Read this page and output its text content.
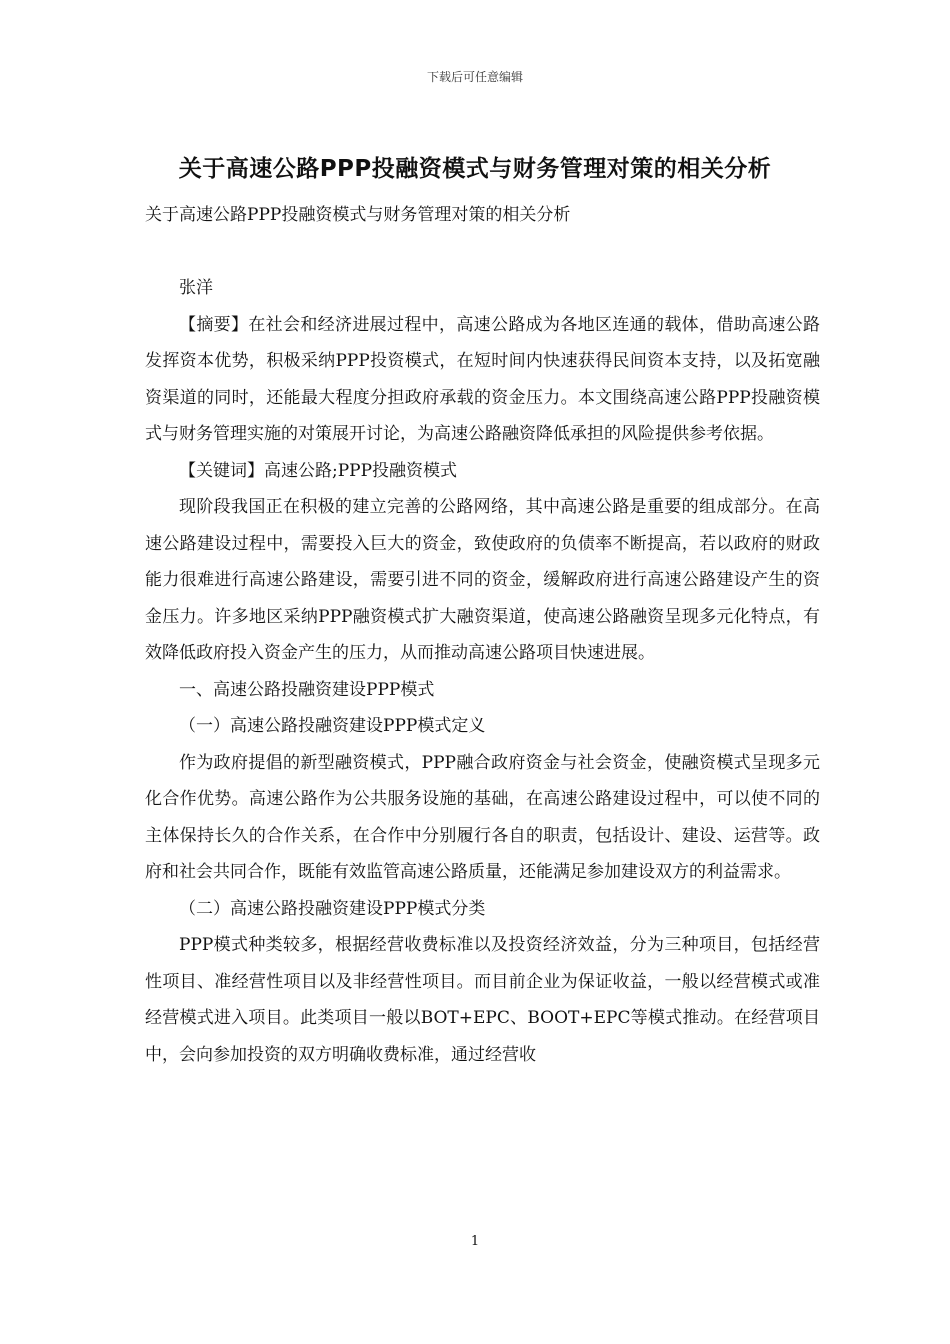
下载后可任意编辑
关于高速公路PPP投融资模式与财务管理对策的相关分析
关于高速公路PPP投融资模式与财务管理对策的相关分析

张洋

【摘要】在社会和经济进展过程中，高速公路成为各地区连通的载体，借助高速公路发挥资本优势，积极采纳PPP投资模式，在短时间内快速获得民间资本支持，以及拓宽融资渠道的同时，还能最大程度分担政府承载的资金压力。本文围绕高速公路PPP投融资模式与财务管理实施的对策展开讨论，为高速公路融资降低承担的风险提供参考依据。

【关键词】高速公路;PPP投融资模式

现阶段我国正在积极的建立完善的公路网络，其中高速公路是重要的组成部分。在高速公路建设过程中，需要投入巨大的资金，致使政府的负债率不断提高，若以政府的财政能力很难进行高速公路建设，需要引进不同的资金，缓解政府进行高速公路建设产生的资金压力。许多地区采纳PPP融资模式扩大融资渠道，使高速公路融资呈现多元化特点，有效降低政府投入资金产生的压力，从而推动高速公路项目快速进展。

一、高速公路投融资建设PPP模式

（一）高速公路投融资建设PPP模式定义

作为政府提倡的新型融资模式，PPP融合政府资金与社会资金，使融资模式呈现多元化合作优势。高速公路作为公共服务设施的基础，在高速公路建设过程中，可以使不同的主体保持长久的合作关系，在合作中分别履行各自的职责，包括设计、建设、运营等。政府和社会共同合作，既能有效监管高速公路质量，还能满足参加建设双方的利益需求。

（二）高速公路投融资建设PPP模式分类

PPP模式种类较多，根据经营收费标准以及投资经济效益，分为三种项目，包括经营性项目、准经营性项目以及非经营性项目。而目前企业为保证收益，一般以经营模式或准经营模式进入项目。此类项目一般以BOT+EPC、BOOT+EPC等模式推动。在经营项目中，会向参加投资的双方明确收费标准，通过经营收

1
